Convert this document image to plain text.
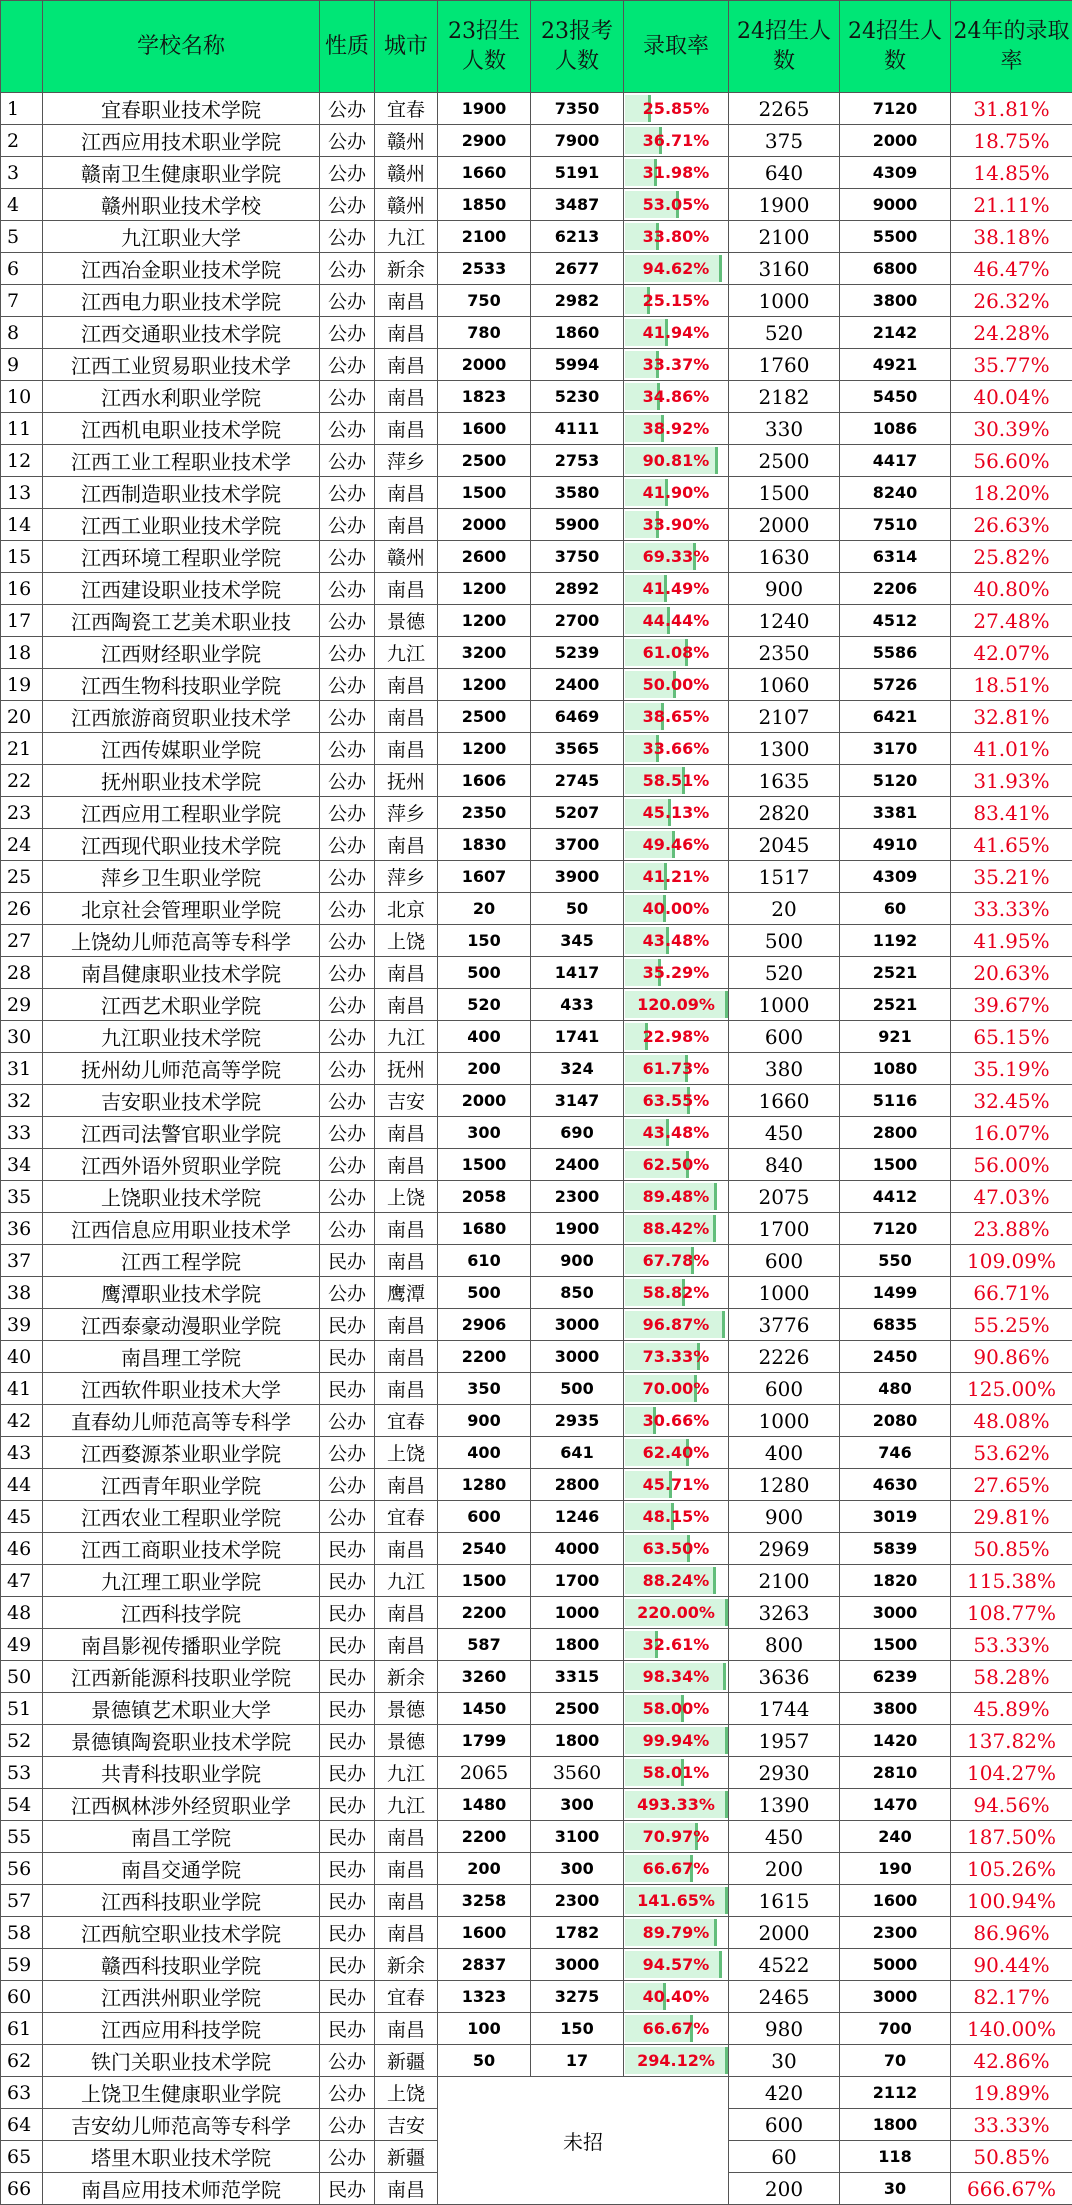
	学校名称	性质	城市	23招生人数	23报考人数	录取率	24招生人数	24招生人数	24年的录取率
1	宜春职业技术学院	公办	宜春	1900	7350	25.85%	2265	7120	31.81%
2	江西应用技术职业学院	公办	赣州	2900	7900	36.71%	375	2000	18.75%
3	赣南卫生健康职业学院	公办	赣州	1660	5191	31.98%	640	4309	14.85%
4	赣州职业技术学校	公办	赣州	1850	3487	53.05%	1900	9000	21.11%
5	九江职业大学	公办	九江	2100	6213	33.80%	2100	5500	38.18%
6	江西冶金职业技术学院	公办	新余	2533	2677	94.62%	3160	6800	46.47%
7	江西电力职业技术学院	公办	南昌	750	2982	25.15%	1000	3800	26.32%
8	江西交通职业技术学院	公办	南昌	780	1860	41.94%	520	2142	24.28%
9	江西工业贸易职业技术学	公办	南昌	2000	5994	33.37%	1760	4921	35.77%
10	江西水利职业学院	公办	南昌	1823	5230	34.86%	2182	5450	40.04%
11	江西机电职业技术学院	公办	南昌	1600	4111	38.92%	330	1086	30.39%
12	江西工业工程职业技术学	公办	萍乡	2500	2753	90.81%	2500	4417	56.60%
13	江西制造职业技术学院	公办	南昌	1500	3580	41.90%	1500	8240	18.20%
14	江西工业职业技术学院	公办	南昌	2000	5900	33.90%	2000	7510	26.63%
15	江西环境工程职业学院	公办	赣州	2600	3750	69.33%	1630	6314	25.82%
16	江西建设职业技术学院	公办	南昌	1200	2892	41.49%	900	2206	40.80%
17	江西陶瓷工艺美术职业技	公办	景德	1200	2700	44.44%	1240	4512	27.48%
18	江西财经职业学院	公办	九江	3200	5239	61.08%	2350	5586	42.07%
19	江西生物科技职业学院	公办	南昌	1200	2400	50.00%	1060	5726	18.51%
20	江西旅游商贸职业技术学	公办	南昌	2500	6469	38.65%	2107	6421	32.81%
21	江西传媒职业学院	公办	南昌	1200	3565	33.66%	1300	3170	41.01%
22	抚州职业技术学院	公办	抚州	1606	2745	58.51%	1635	5120	31.93%
23	江西应用工程职业学院	公办	萍乡	2350	5207	45.13%	2820	3381	83.41%
24	江西现代职业技术学院	公办	南昌	1830	3700	49.46%	2045	4910	41.65%
25	萍乡卫生职业学院	公办	萍乡	1607	3900	41.21%	1517	4309	35.21%
26	北京社会管理职业学院	公办	北京	20	50	40.00%	20	60	33.33%
27	上饶幼儿师范高等专科学	公办	上饶	150	345	43.48%	500	1192	41.95%
28	南昌健康职业技术学院	公办	南昌	500	1417	35.29%	520	2521	20.63%
29	江西艺术职业学院	公办	南昌	520	433	120.09%	1000	2521	39.67%
30	九江职业技术学院	公办	九江	400	1741	22.98%	600	921	65.15%
31	抚州幼儿师范高等学院	公办	抚州	200	324	61.73%	380	1080	35.19%
32	吉安职业技术学院	公办	吉安	2000	3147	63.55%	1660	5116	32.45%
33	江西司法警官职业学院	公办	南昌	300	690	43.48%	450	2800	16.07%
34	江西外语外贸职业学院	公办	南昌	1500	2400	62.50%	840	1500	56.00%
35	上饶职业技术学院	公办	上饶	2058	2300	89.48%	2075	4412	47.03%
36	江西信息应用职业技术学	公办	南昌	1680	1900	88.42%	1700	7120	23.88%
37	江西工程学院	民办	南昌	610	900	67.78%	600	550	109.09%
38	鹰潭职业技术学院	公办	鹰潭	500	850	58.82%	1000	1499	66.71%
39	江西泰豪动漫职业学院	民办	南昌	2906	3000	96.87%	3776	6835	55.25%
40	南昌理工学院	民办	南昌	2200	3000	73.33%	2226	2450	90.86%
41	江西软件职业技术大学	民办	南昌	350	500	70.00%	600	480	125.00%
42	直春幼儿师范高等专科学	公办	宜春	900	2935	30.66%	1000	2080	48.08%
43	江西婺源茶业职业学院	公办	上饶	400	641	62.40%	400	746	53.62%
44	江西青年职业学院	公办	南昌	1280	2800	45.71%	1280	4630	27.65%
45	江西农业工程职业学院	公办	宜春	600	1246	48.15%	900	3019	29.81%
46	江西工商职业技术学院	民办	南昌	2540	4000	63.50%	2969	5839	50.85%
47	九江理工职业学院	民办	九江	1500	1700	88.24%	2100	1820	115.38%
48	江西科技学院	民办	南昌	2200	1000	220.00%	3263	3000	108.77%
49	南昌影视传播职业学院	民办	南昌	587	1800	32.61%	800	1500	53.33%
50	江西新能源科技职业学院	民办	新余	3260	3315	98.34%	3636	6239	58.28%
51	景德镇艺术职业大学	民办	景德	1450	2500	58.00%	1744	3800	45.89%
52	景德镇陶瓷职业技术学院	民办	景德	1799	1800	99.94%	1957	1420	137.82%
53	共青科技职业学院	民办	九江	2065	3560	58.01%	2930	2810	104.27%
54	江西枫林涉外经贸职业学	民办	九江	1480	300	493.33%	1390	1470	94.56%
55	南昌工学院	民办	南昌	2200	3100	70.97%	450	240	187.50%
56	南昌交通学院	民办	南昌	200	300	66.67%	200	190	105.26%
57	江西科技职业学院	民办	南昌	3258	2300	141.65%	1615	1600	100.94%
58	江西航空职业技术学院	民办	南昌	1600	1782	89.79%	2000	2300	86.96%
59	赣西科技职业学院	民办	新余	2837	3000	94.57%	4522	5000	90.44%
60	江西洪州职业学院	民办	宜春	1323	3275	40.40%	2465	3000	82.17%
61	江西应用科技学院	民办	南昌	100	150	66.67%	980	700	140.00%
62	铁门关职业技术学院	公办	新疆	50	17	294.12%	30	70	42.86%
63	上饶卫生健康职业学院	公办	上饶	未招			420	2112	19.89%
64	吉安幼儿师范高等专科学	公办	吉安				600	1800	33.33%
65	塔里木职业技术学院	公办	新疆				60	118	50.85%
66	南昌应用技术师范学院	民办	南昌				200	30	666.67%
